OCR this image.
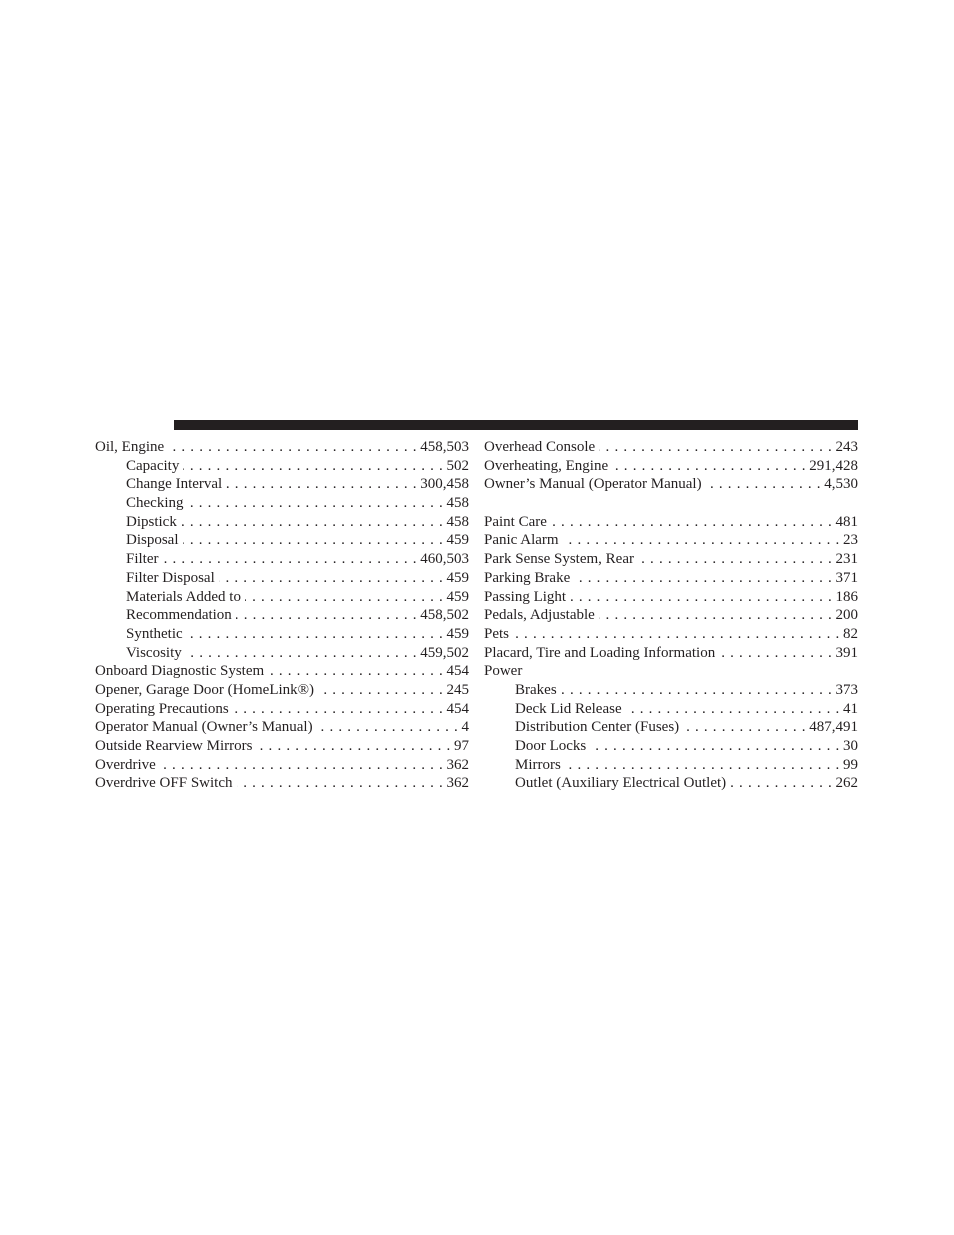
Oil, Engine . . .	458,503
Capacity . . .	502
Change Interval . . .	300,458
Checking . . .	458
Dipstick . . .	458
Disposal . . .	459
Filter . . .	460,503
Filter Disposal . . .	459
Materials Added to . . .	459
Recommendation . . .	458,502
Synthetic . . .	459
Viscosity . . .	459,502
Onboard Diagnostic System . . .	454
Opener, Garage Door (HomeLink®) . . .	245
Operating Precautions . . .	454
Operator Manual (Owner’s Manual) . . .	4
Outside Rearview Mirrors . . .	97
Overdrive . . .	362
Overdrive OFF Switch . . .	362
Overhead Console . . .	243
Overheating, Engine . . .	291,428
Owner’s Manual (Operator Manual) . . .	4,530
Paint Care . . .	481
Panic Alarm . . .	23
Park Sense System, Rear . . .	231
Parking Brake . . .	371
Passing Light . . .	186
Pedals, Adjustable . . .	200
Pets . . .	82
Placard, Tire and Loading Information . . .	391
Power
Brakes . . .	373
Deck Lid Release . . .	41
Distribution Center (Fuses) . . .	487,491
Door Locks . . .	30
Mirrors . . .	99
Outlet (Auxiliary Electrical Outlet) . . .	262
